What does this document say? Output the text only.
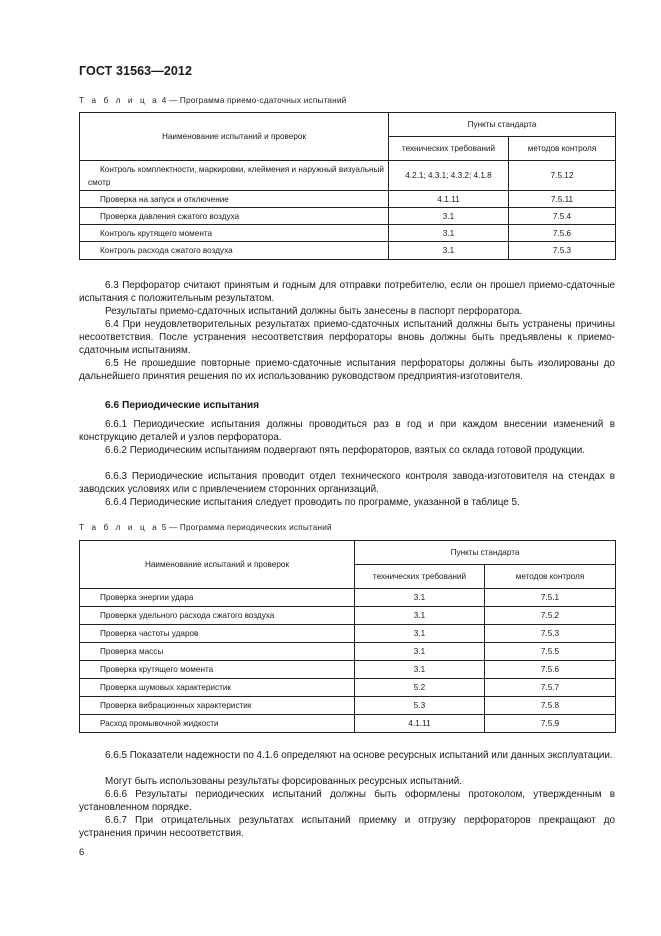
ГОСТ 31563—2012
Т а б л и ц а 4 — Программа приемо-сдаточных испытаний
Наименование испытаний и проверок	Пункты стандарта	
	технических требований	методов контроля
Контроль комплектности, маркировки, клеймения и наружный визуальный смотр	4.2.1; 4.3.1; 4.3.2; 4.1.8	7.5.12
Проверка на запуск и отключение	4.1.11	7.5.11
Проверка давления сжатого воздуха	3.1	7.5.4
Контроль крутящего момента	3.1	7.5.6
Контроль расхода сжатого воздуха	3.1	7.5.3
6.3 Перфоратор считают принятым и годным для отправки потребителю, если он прошел приемо-сдаточные испытания с положительным результатом.
Результаты приемо-сдаточных испытаний должны быть занесены в паспорт перфоратора.
6.4 При неудовлетворительных результатах приемо-сдаточных испытаний должны быть устранены причины несоответствия. После устранения несоответствия перфораторы вновь должны быть предъявлены к приемо-сдаточным испытаниям.
6.5 Не прошедшие повторные приемо-сдаточные испытания перфораторы должны быть изолированы до дальнейшего принятия решения по их использованию руководством предприятия-изготовителя.
6.6 Периодические испытания
6.6.1 Периодические испытания должны проводиться раз в год и при каждом внесении изменений в конструкцию деталей и узлов перфоратора.
6.6.2 Периодическим испытаниям подвергают пять перфораторов, взятых со склада готовой продукции.
6.6.3 Периодические испытания проводит отдел технического контроля завода-изготовителя на стендах в заводских условиях или с привлечением сторонних организаций.
6.6.4 Периодические испытания следует проводить по программе, указанной в таблице 5.
Т а б л и ц а 5 — Программа периодических испытаний
Наименование испытаний и проверок	Пункты стандарта	
	технических требований	методов контроля
Проверка энергии удара	3.1	7.5.1
Проверка удельного расхода сжатого воздуха	3.1	7.5.2
Проверка частоты ударов	3.1	7.5.3
Проверка массы	3.1	7.5.5
Проверка крутящего момента	3.1	7.5.6
Проверка шумовых характеристик	5.2	7.5.7
Проверка вибрационных характеристик	5.3	7.5.8
Расход промывочной жидкости	4.1.11	7.5.9
6.6.5 Показатели надежности по 4.1.6 определяют на основе ресурсных испытаний или данных эксплуатации.
Могут быть использованы результаты форсированных ресурсных испытаний.
6.6.6 Результаты периодических испытаний должны быть оформлены протоколом, утвержденным в установленном порядке.
6.6.7 При отрицательных результатах испытаний приемку и отгрузку перфораторов прекращают до устранения причин несоответствия.
6
